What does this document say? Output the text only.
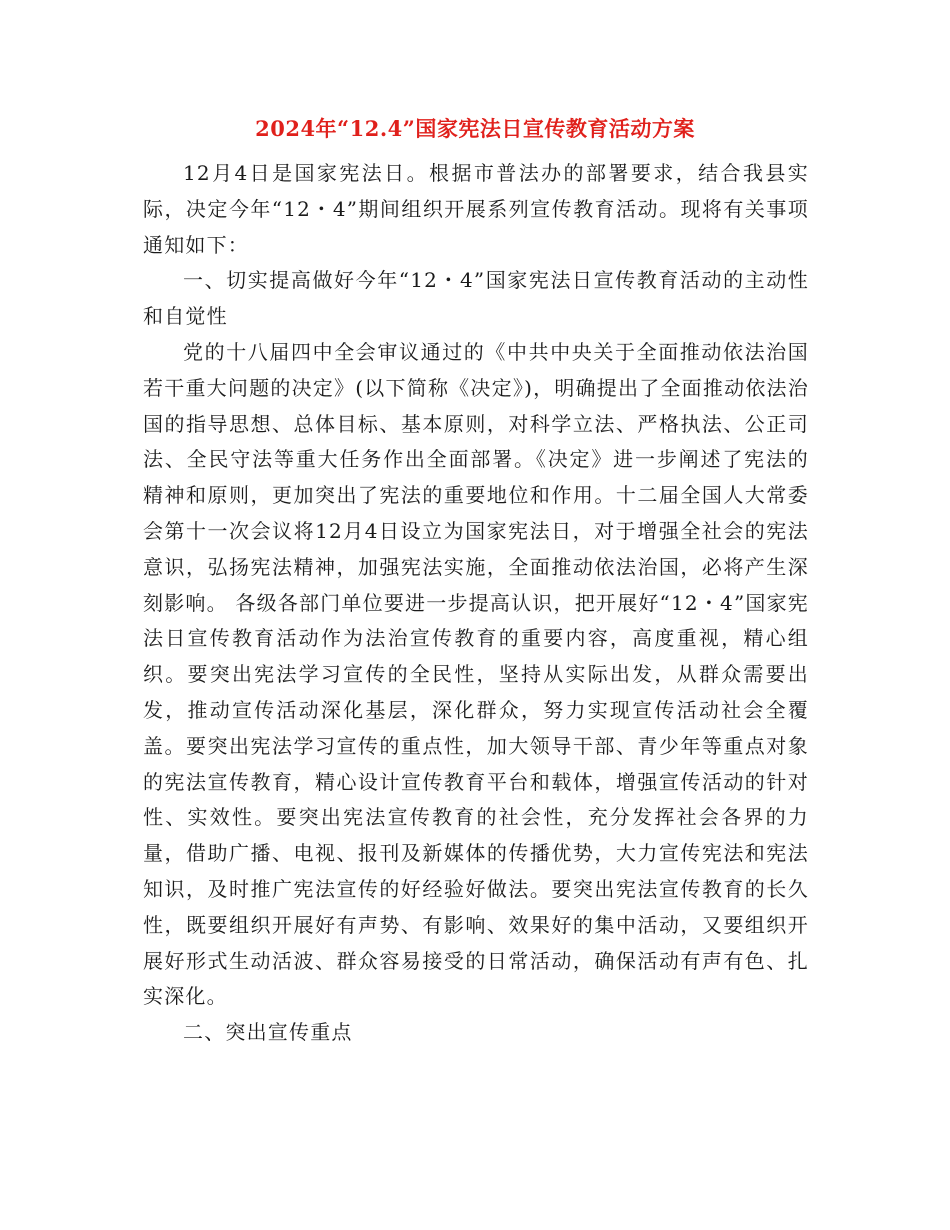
2024年“12.4”国家宪法日宣传教育活动方案

12月4日是国家宪法日。根据市普法办的部署要求，结合我县实际，决定今年“12・4”期间组织开展系列宣传教育活动。现将有关事项通知如下：

一、切实提高做好今年“12・4”国家宪法日宣传教育活动的主动性和自觉性

党的十八届四中全会审议通过的《中共中央关于全面推动依法治国若干重大问题的决定》(以下简称《决定》)，明确提出了全面推动依法治国的指导思想、总体目标、基本原则，对科学立法、严格执法、公正司法、全民守法等重大任务作出全面部署。《决定》进一步阐述了宪法的精神和原则，更加突出了宪法的重要地位和作用。十二届全国人大常委会第十一次会议将12月4日设立为国家宪法日，对于增强全社会的宪法意识，弘扬宪法精神，加强宪法实施，全面推动依法治国，必将产生深刻影响。 各级各部门单位要进一步提高认识，把开展好“12・4”国家宪法日宣传教育活动作为法治宣传教育的重要内容，高度重视，精心组织。要突出宪法学习宣传的全民性，坚持从实际出发，从群众需要出发，推动宣传活动深化基层，深化群众，努力实现宣传活动社会全覆盖。要突出宪法学习宣传的重点性，加大领导干部、青少年等重点对象的宪法宣传教育，精心设计宣传教育平台和载体，增强宣传活动的针对性、实效性。要突出宪法宣传教育的社会性，充分发挥社会各界的力量，借助广播、电视、报刊及新媒体的传播优势，大力宣传宪法和宪法知识，及时推广宪法宣传的好经验好做法。要突出宪法宣传教育的长久性，既要组织开展好有声势、有影响、效果好的集中活动，又要组织开展好形式生动活波、群众容易接受的日常活动，确保活动有声有色、扎实深化。

二、突出宣传重点
